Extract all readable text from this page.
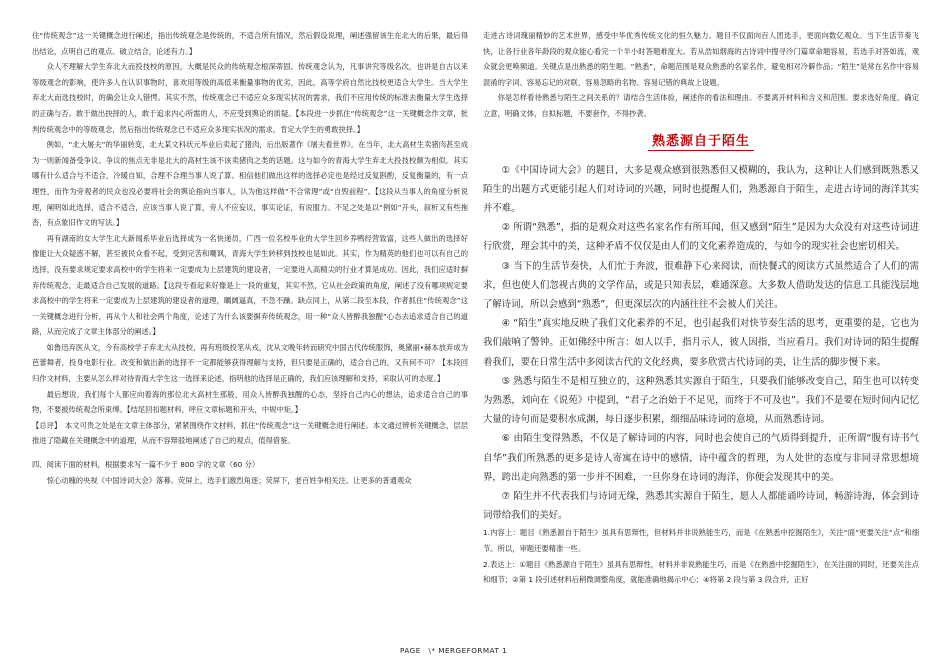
住“传统观念”这一关键概念进行阐述，指出传统观念是传统的，不适合所有情况，然后假设说理，阐述强留该生在北大的后果，最后得出结论，点明自己的观点。破立结合，论述有力。】

众人不理解大学生弃北大而投技校的原因，大概是民众的传统观念根深蒂固。传统观念认为，凡事讲究等级名次，也讲是自古以来等级观念的影响，使许多人在认识事物时，喜欢用等级的高低来衡量事物的优劣，因此，高等学府自然比技校更适合大学生。当大学生弃北大而选技校时，的确会让众人错愕。其实不然，传统观念已不适应众多现实状况的需求，我们不应用传统的标准去衡量大学生选择的正确与否。敢于做出抉择的人，敢于追求内心所需的人，不应受到舆论的质疑。【本段进一步抓住“传统观念”这一关键概念作文章，批判传统观念中的等级观念，然后指出传统观念已不适应众多现实状况的需求，肯定大学生的勇敢抉择。】

例如，“北大屠夫”的华丽转变，北大某文科状元毕业后卖起了猪肉，后出版著作《屠夫看世界》。在当年，北大高材生卖猪肉甚至成为一则新闻备受争议。争议的焦点无非是北大的高材生该不该卖猪肉之类的话题。这与如今的青海大学生弃北大投技校颇为相似。其实哪有什么适合与不适合，冷暖自知，合理不合理当事人说了算。相信他们做出这样的选择必定也是经过反复斟酌，反复衡量的，有一点理性，而作为旁观者的民众也没必要将社会的舆论指向当事人，认为他这样做“不合常理”或“自毁前程”。【这段从当事人的角度分析说理，阐明如此选择，适合不适合，应该当事人说了算，旁人不应妄议，事实论证，有说服力。不足之处是以“例如”开头，叙析又有些拖沓，有点象旧作文的写法。】

再有湖南的女大学生北大新闻系毕业后选择成为一名快递员，广西一位名校毕业的大学生回乡养鸭经营致富，这些人做出的选择好像能让大众疑惑不解，甚至被民众看不起，受到完苦和嘲讽，青海大学生转移到技校也是如此。其实，作为精英的他们也可以有自己的选择，没有要求规定要求高校中的学生将来一定要成为上层建筑的建设者，一定要进入高精尖的行业才算是成功。因此，我们应适时摒弃传统观念，走最适合自己发展的道路。【这段专看起来好像是上一段的重复，其实不然，它从社会政策的角度，阐述了没有哪项规定要求高校中的学生将来一定要成为上层建筑的建设者的道理，瞩阔逼真，不急不躁。缺点同上，从第二段至本段，作者抓住“传统观念”这一关键概念进行分析，再从个人和社会两个角度，论述了为什么该要摒弃传统观念，用一种“众人皆醉我独醒”心态去追求适合自己的道路，从而完成了文章主体部分的阐述。】

如鲁迅弃医从文，今有高校学子弃北大从技校，再有班级投笔从戎，沈从文晚年转而研究中国古代传统服饰，奥黛丽•赫本放弃成为芭蕾舞者，投身电影行业。改变和做出新的选择不一定都能够获得理解与支持，但只要是正确的，适合自己的，又有何不可？【本段回归作文材料，主要从怎么样对待青海大学生这一选择来论述，指明他的选择是正确的，我们应该理解和支持，采取认可的态度。】

最后想说，我们每个人都应向着海的那位北大高材生那般，用众人皆醉我独醒的心态，坚持自己内心的想法，追求适合自己的事物，不要被传统观念所束缚。【结尾回扣题材料，呼应文章标题和开头，中规中矩。】

【总评】　本文可贵之处是在文章主体部分，紧紧围绕作文材料，抓住“传统观念”这一关键概念进行阐述。本文通过辨析关键概念，层层推进了隐藏在关键概念中的道理，从而不容辩驳地阐述了自己的观点，值得借鉴。

四、阅读下面的材料，根据要求写一篇不少于 800 字的文章（60 分）

惊心动魄的央视《中国诗词大会》落幕。荧屏上，选手们激烈角逐；荧屏下，老百姓争相关注。让更多的普通观众

走进古诗词瑰丽精妙的艺术世界，感受中华优秀传统文化的恒久魅力。题目不仅面向百人团选手，更面向数亿观众。当下生活节奏飞快，让各行业各年龄段的观众能心看完一个半小时答题难度大。若从浩如烟海的古诗词中搜寻冷门篇章命题容易，若选手对答如流，观众就会更唤频道。关键点是出熟悉的陌生题。“熟悉”，命题范围是观众熟悉的名家名作，避免相对冷僻作品；“陌生”是常在名作中容易混淆的字词、容易忘记的对联、容易忽略的名物、容易记错的典故上设题。

你是怎样看待熟悉与陌生之间关系的？请结合生活体验，阐述你的看法和理由。不要离开材料和含义和范围。要求选好角度，确定立意，明确文体，自拟标题，不要套作，不得抄袭。

熟悉源自于陌生

①《中国诗词大会》的题目，大多是观众感到很熟悉但又模糊的，我认为，这种让人们感到既熟悉又陌生的出题方式更能引起人们对诗词的兴趣，同时也提醒人们，熟悉源自于陌生，走进古诗词的海洋其实并不难。

② 所谓“熟悉”，指的是观众对这些名家名作有所耳闻，但又感到“陌生”是因为大众没有对这些诗词进行欣赏，理会其中的美，这种矛盾不仅仅是由人们的文化素养造成的，与如今的现实社会也密切相关。

③ 当下的生活节奏快，人们忙于奔波，很难静下心来阅读，而快餐式的阅读方式虽然适合了人们的需求，但也使人们忽视古典的文学作品，或是只知表层，难通深意。大多数人借助发达的信息工具能浅层地了解诗词，所以会感到“熟悉”，但更深层次的内涵往往不会被人们关注。

④ “陌生”真实地反映了我们文化素养的不足，也引起我们对快节奏生活的思考，更重要的是，它也为我们敲响了警钟。正如佛经中所言：如人以手，指月示人，彼人因指，当应看月。我们对诗词的陌生提醒着我们，要在日常生活中多阅读古代的文化经典，要多欣赏古代诗词的美，让生活的脚步慢下来。

⑤ 熟悉与陌生不是相互独立的，这种熟悉其实源自于陌生，只要我们能够改变自己，陌生也可以转变为熟悉，刘向在《说苑》中提到，“君子之治始于不足见，而终于不可及也”。我们不是要在短时间内记忆大量的诗句而是要积水成渊，每日逐步积累，细细品味诗词的意境，从而熟悉诗词。

⑥ 由陌生变得熟悉，不仅是了解诗词的内容，同时也会使自己的气质得到提升，正所谓“腹有诗书气自华”我们所熟悉的更多是诗人寄寓在诗中的感情，诗中蕴含的哲理，为人处世的态度与非同寻常思想境界，跨出走向熟悉的第一步并不困难，一旦你身在诗词的海洋，你便会发现其中的美。

⑦ 陌生并不代表我们与诗词无缘，熟悉其实源自于陌生，愿人人都能诵吟诗词，畅游诗海，体会到诗词带给我们的美好。

1.内容上：题目《熟悉源自于陌生》虽具有思辩性，但材料并非说熟能生巧，而是《在熟悉中挖掘陌生》，关注“面”更要关注“点”和细节。所以，审题还要精准一些。

2.表达上：①题目《熟悉源自于陌生》虽具有思辩性，材料并非说熟能生巧，而是《在熟悉中挖掘陌生》，在关注面的同时，还要关注点和细节；②第 1 段引述材料后稍微调整角度，就能准确地揭示中心；④将第 2 段与第 3 段合并，正好

PAGE　\* MERGEFORMAT 1
